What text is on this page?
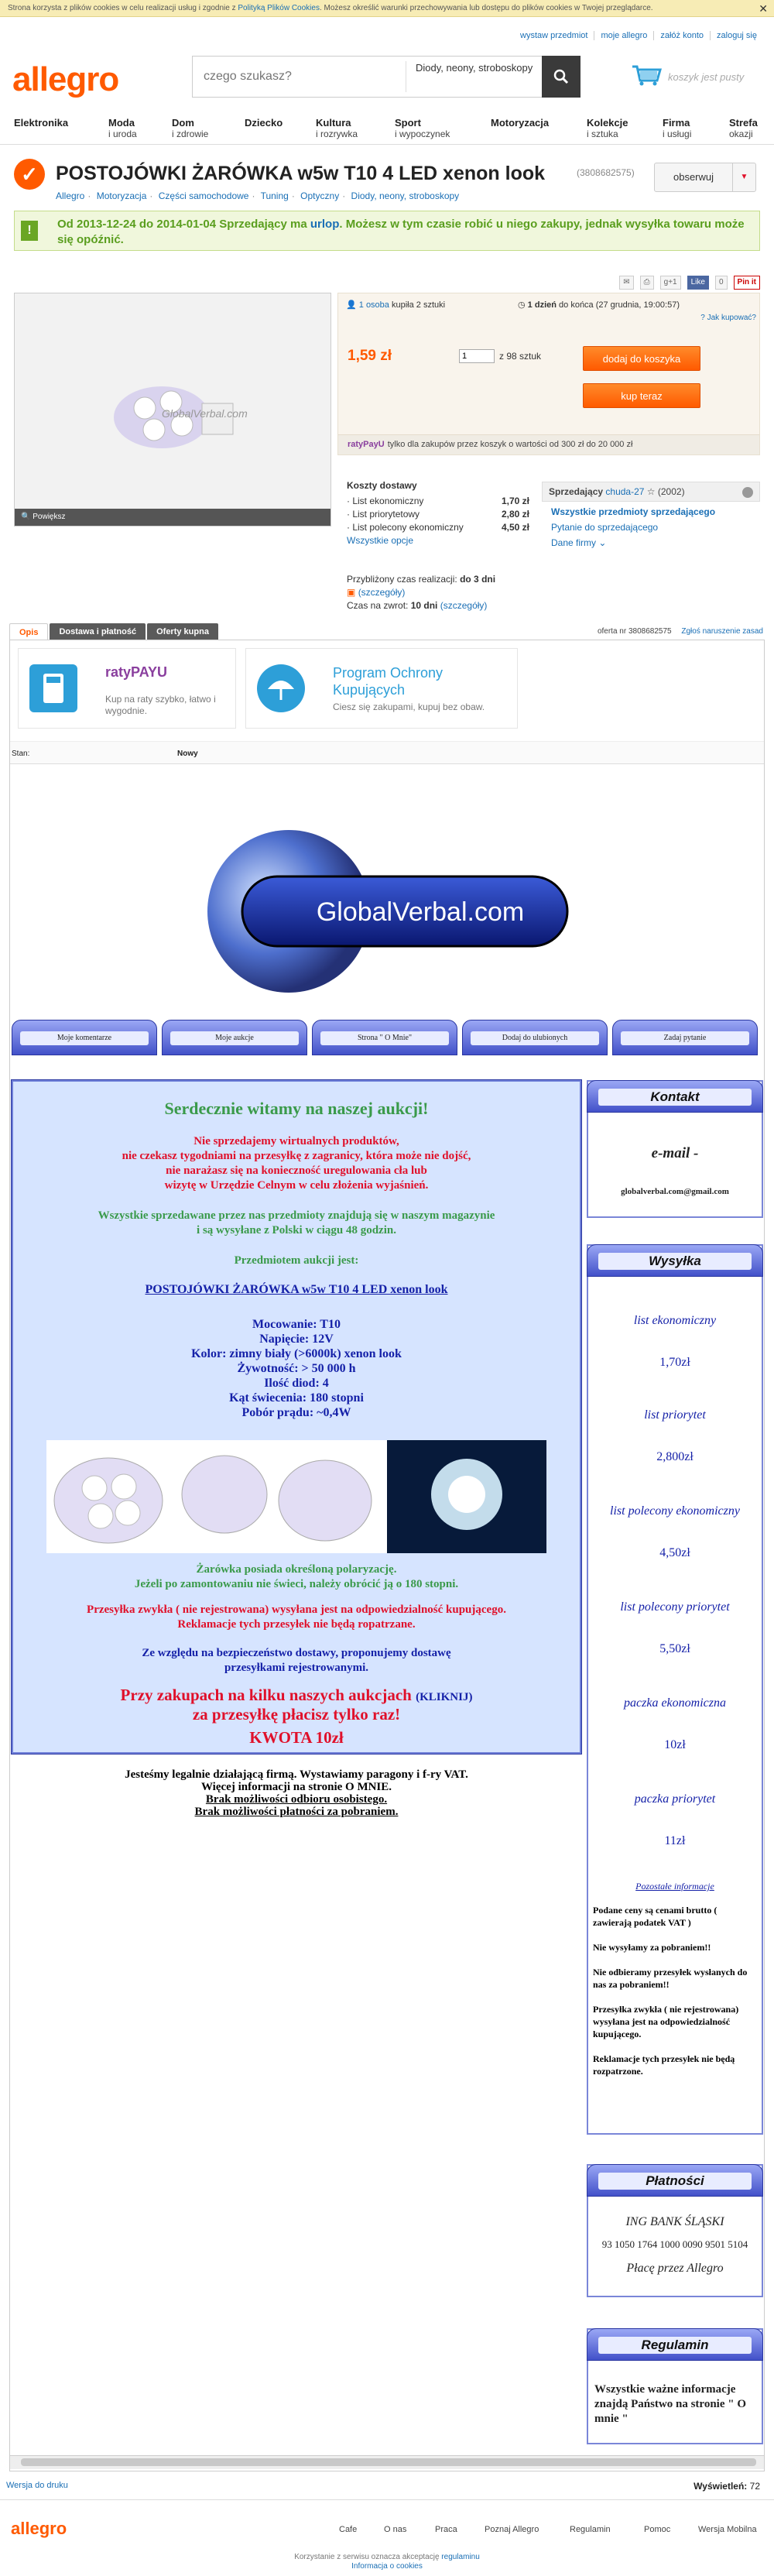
Strona korzysta z plików cookies w celu realizacji usług i zgodnie z Polityką Plików Cookies. Możesz określić warunki przechowywania lub dostępu do plików cookies w Twojej przeglądarce.	✕
wystaw przedmiot	moje allegro	załóż konto	zaloguj się
allegro
czego szukasz?	Diody, neony, stroboskopy
koszyk jest pusty
Elektronika	Moda
i uroda
Dom
i zdrowie
Dziecko	Kultura
i rozrywka
Sport
i wypoczynek
Motoryzacja	Kolekcje
i sztuka
Firma
i usługi
Strefa
okazji
✓ POSTOJÓWKI ŻARÓWKA w5w T10 4 LED xenon look	(3808682575)	obserwuj	▼
Allegro · Motoryzacja · Części samochodowe · Tuning · Optyczny · Diody, neony, stroboskopy
!	Od 2013-12-24 do 2014-01-04 Sprzedający ma urlop. Możesz w tym czasie robić u niego zakupy, jednak wysyłka towaru może się opóźnić.
✉	⎙	g+1	Like	0	Pin it
GlobalVerbal.com
🔍 Powiększ
👤 1 osoba kupiła 2 sztuki	◷ 1 dzień do końca (27 grudnia, 19:00:57)
? Jak kupować?
1,59 zł
1	z 98 sztuk	dodaj do koszyka
kup teraz
ratyPayU tylko dla zakupów przez koszyk o wartości od 300 zł do 20 000 zł
Koszty dostawy
· List ekonomiczny	1,70 zł
· List priorytetowy	2,80 zł
· List polecony ekonomiczny	4,50 zł
Wszystkie opcje
Sprzedający chuda-27 ☆ (2002)
Wszystkie przedmioty sprzedającego
Pytanie do sprzedającego
Dane firmy ⌄
Przybliżony czas realizacji: do 3 dni
▣ (szczegóły)
Czas na zwrot: 10 dni (szczegóły)
Opis	Dostawa i płatność	Oferty kupna	oferta nr 3808682575 Zgłoś naruszenie zasad
ratyPAYU
Kup na raty szybko, łatwo i wygodnie.
Program Ochrony Kupujących
Ciesz się zakupami, kupuj bez obaw.
Stan:	Nowy
GlobalVerbal.com
Moje komentarze	Moje aukcje	Strona " O Mnie"	Dodaj do ulubionych	Zadaj pytanie

Serdecznie witamy na naszej aukcji!

Nie sprzedajemy wirtualnych produktów,

nie czekasz tygodniami na przesyłkę z zagranicy, która może nie dojść,

nie narażasz się na konieczność uregulowania cła lub

wizytę w Urzędzie Celnym w celu złożenia wyjaśnień.

Wszystkie sprzedawane przez nas przedmioty znajdują się w naszym magazynie

i są wysyłane z Polski w ciągu 48 godzin.

Przedmiotem aukcji jest:

POSTOJÓWKI ŻARÓWKA w5w T10 4 LED xenon look

Mocowanie: T10

Napięcie: 12V

Kolor: zimny biały (>6000k) xenon look

Żywotność: > 50 000 h

Ilość diod: 4

Kąt świecenia: 180 stopni

Pobór prądu: ~0,4W

Żarówka posiada określoną polaryzację.

Jeżeli po zamontowaniu nie świeci, należy obrócić ją o 180 stopni.

Przesyłka zwykła ( nie rejestrowana) wysyłana jest na odpowiedzialność kupującego.

Reklamacje tych przesyłek nie będą ropatrzane.

Ze względu na bezpieczeństwo dostawy, proponujemy dostawę

przesyłkami rejestrowanymi.

Przy zakupach na kilku naszych aukcjach (KLIKNIJ)

za przesyłkę płacisz tylko raz!

KWOTA 10zł

Jesteśmy legalnie działającą firmą. Wystawiamy paragony i f-ry VAT.

Więcej informacji na stronie O MNIE.

Brak możliwości odbioru osobistego.

Brak możliwości płatności za pobraniem.

Kontakt
e-mail -
globalverbal.com@gmail.com
Wysyłka
list ekonomiczny
1,70zł
list priorytet
2,800zł
list polecony ekonomiczny
4,50zł
list polecony priorytet
5,50zł
paczka ekonomiczna
10zł
paczka priorytet
11zł
Pozostałe informacje

Podane ceny są cenami brutto ( zawierają podatek VAT )

Nie wysyłamy za pobraniem!!

Nie odbieramy przesyłek wysłanych do nas za pobraniem!!

Przesyłka zwykła ( nie rejestrowana) wysyłana jest na odpowiedzialność kupującego.

Reklamacje tych przesyłek nie będą rozpatrzone.

Płatności
ING BANK ŚLĄSKI
93 1050 1764 1000 0090 9501 5104
Płacę przez Allegro
Regulamin
Wszystkie ważne informacje znajdą Państwo na stronie " O mnie "
Wersja do druku	Wyświetleń: 72
allegro	Cafe	O nas	Praca	Poznaj Allegro	Regulamin	Pomoc	Wersja Mobilna
Korzystanie z serwisu oznacza akceptację regulaminu
Informacja o cookies
